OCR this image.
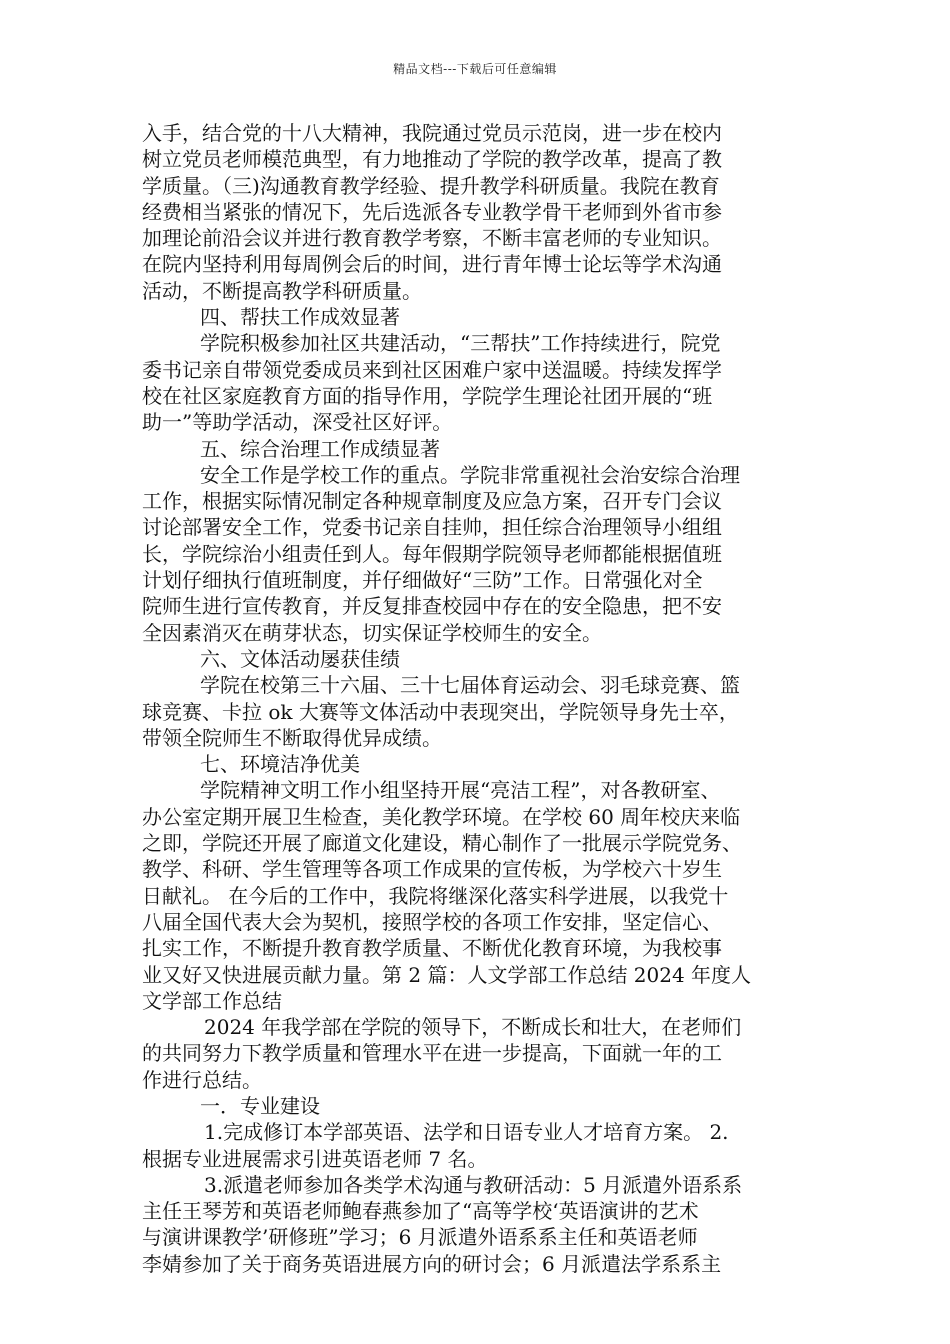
精品文档---下载后可任意编辑

入手，结合党的十八大精神，我院通过党员示范岗，进一步在校内

树立党员老师模范典型，有力地推动了学院的教学改革，提高了教

学质量。（三)沟通教育教学经验、提升教学科研质量。我院在教育

经费相当紧张的情况下，先后选派各专业教学骨干老师到外省市参

加理论前沿会议并进行教育教学考察，不断丰富老师的专业知识。

在院内坚持利用每周例会后的时间，进行青年博士论坛等学术沟通

活动，不断提高教学科研质量。

四、帮扶工作成效显著

学院积极参加社区共建活动，“三帮扶”工作持续进行，院党

委书记亲自带领党委成员来到社区困难户家中送温暖。持续发挥学

校在社区家庭教育方面的指导作用，学院学生理论社团开展的“班

助一”等助学活动，深受社区好评。

五、综合治理工作成绩显著

安全工作是学校工作的重点。学院非常重视社会治安综合治理

工作，根据实际情况制定各种规章制度及应急方案，召开专门会议

讨论部署安全工作，党委书记亲自挂帅，担任综合治理领导小组组

长，学院综治小组责任到人。每年假期学院领导老师都能根据值班

计划仔细执行值班制度，并仔细做好“三防”工作。日常强化对全

院师生进行宣传教育，并反复排查校园中存在的安全隐患，把不安

全因素消灭在萌芽状态，切实保证学校师生的安全。

六、文体活动屡获佳绩

学院在校第三十六届、三十七届体育运动会、羽毛球竞赛、篮

球竞赛、卡拉 ok 大赛等文体活动中表现突出，学院领导身先士卒，

带领全院师生不断取得优异成绩。

七、环境洁净优美

学院精神文明工作小组坚持开展“亮洁工程”，对各教研室、

办公室定期开展卫生检查，美化教学环境。在学校 60 周年校庆来临

之即，学院还开展了廊道文化建设，精心制作了一批展示学院党务、

教学、科研、学生管理等各项工作成果的宣传板，为学校六十岁生

日献礼。 在今后的工作中，我院将继深化落实科学进展，以我党十

八届全国代表大会为契机，接照学校的各项工作安排，坚定信心、

扎实工作，不断提升教育教学质量、不断优化教育环境，为我校事

业又好又快进展贡献力量。第 2 篇：人文学部工作总结 2024 年度人

文学部工作总结

2024 年我学部在学院的领导下，不断成长和壮大，在老师们

的共同努力下教学质量和管理水平在进一步提高，下面就一年的工

作进行总结。

一．专业建设

1.完成修订本学部英语、法学和日语专业人才培育方案。 2.

根据专业进展需求引进英语老师 7 名。

3.派遣老师参加各类学术沟通与教研活动：5 月派遣外语系系

主任王琴芳和英语老师鲍春燕参加了“高等学校‘英语演讲的艺术

与演讲课教学’研修班”学习；6 月派遣外语系系主任和英语老师

李婧参加了关于商务英语进展方向的研讨会；6 月派遣法学系系主
